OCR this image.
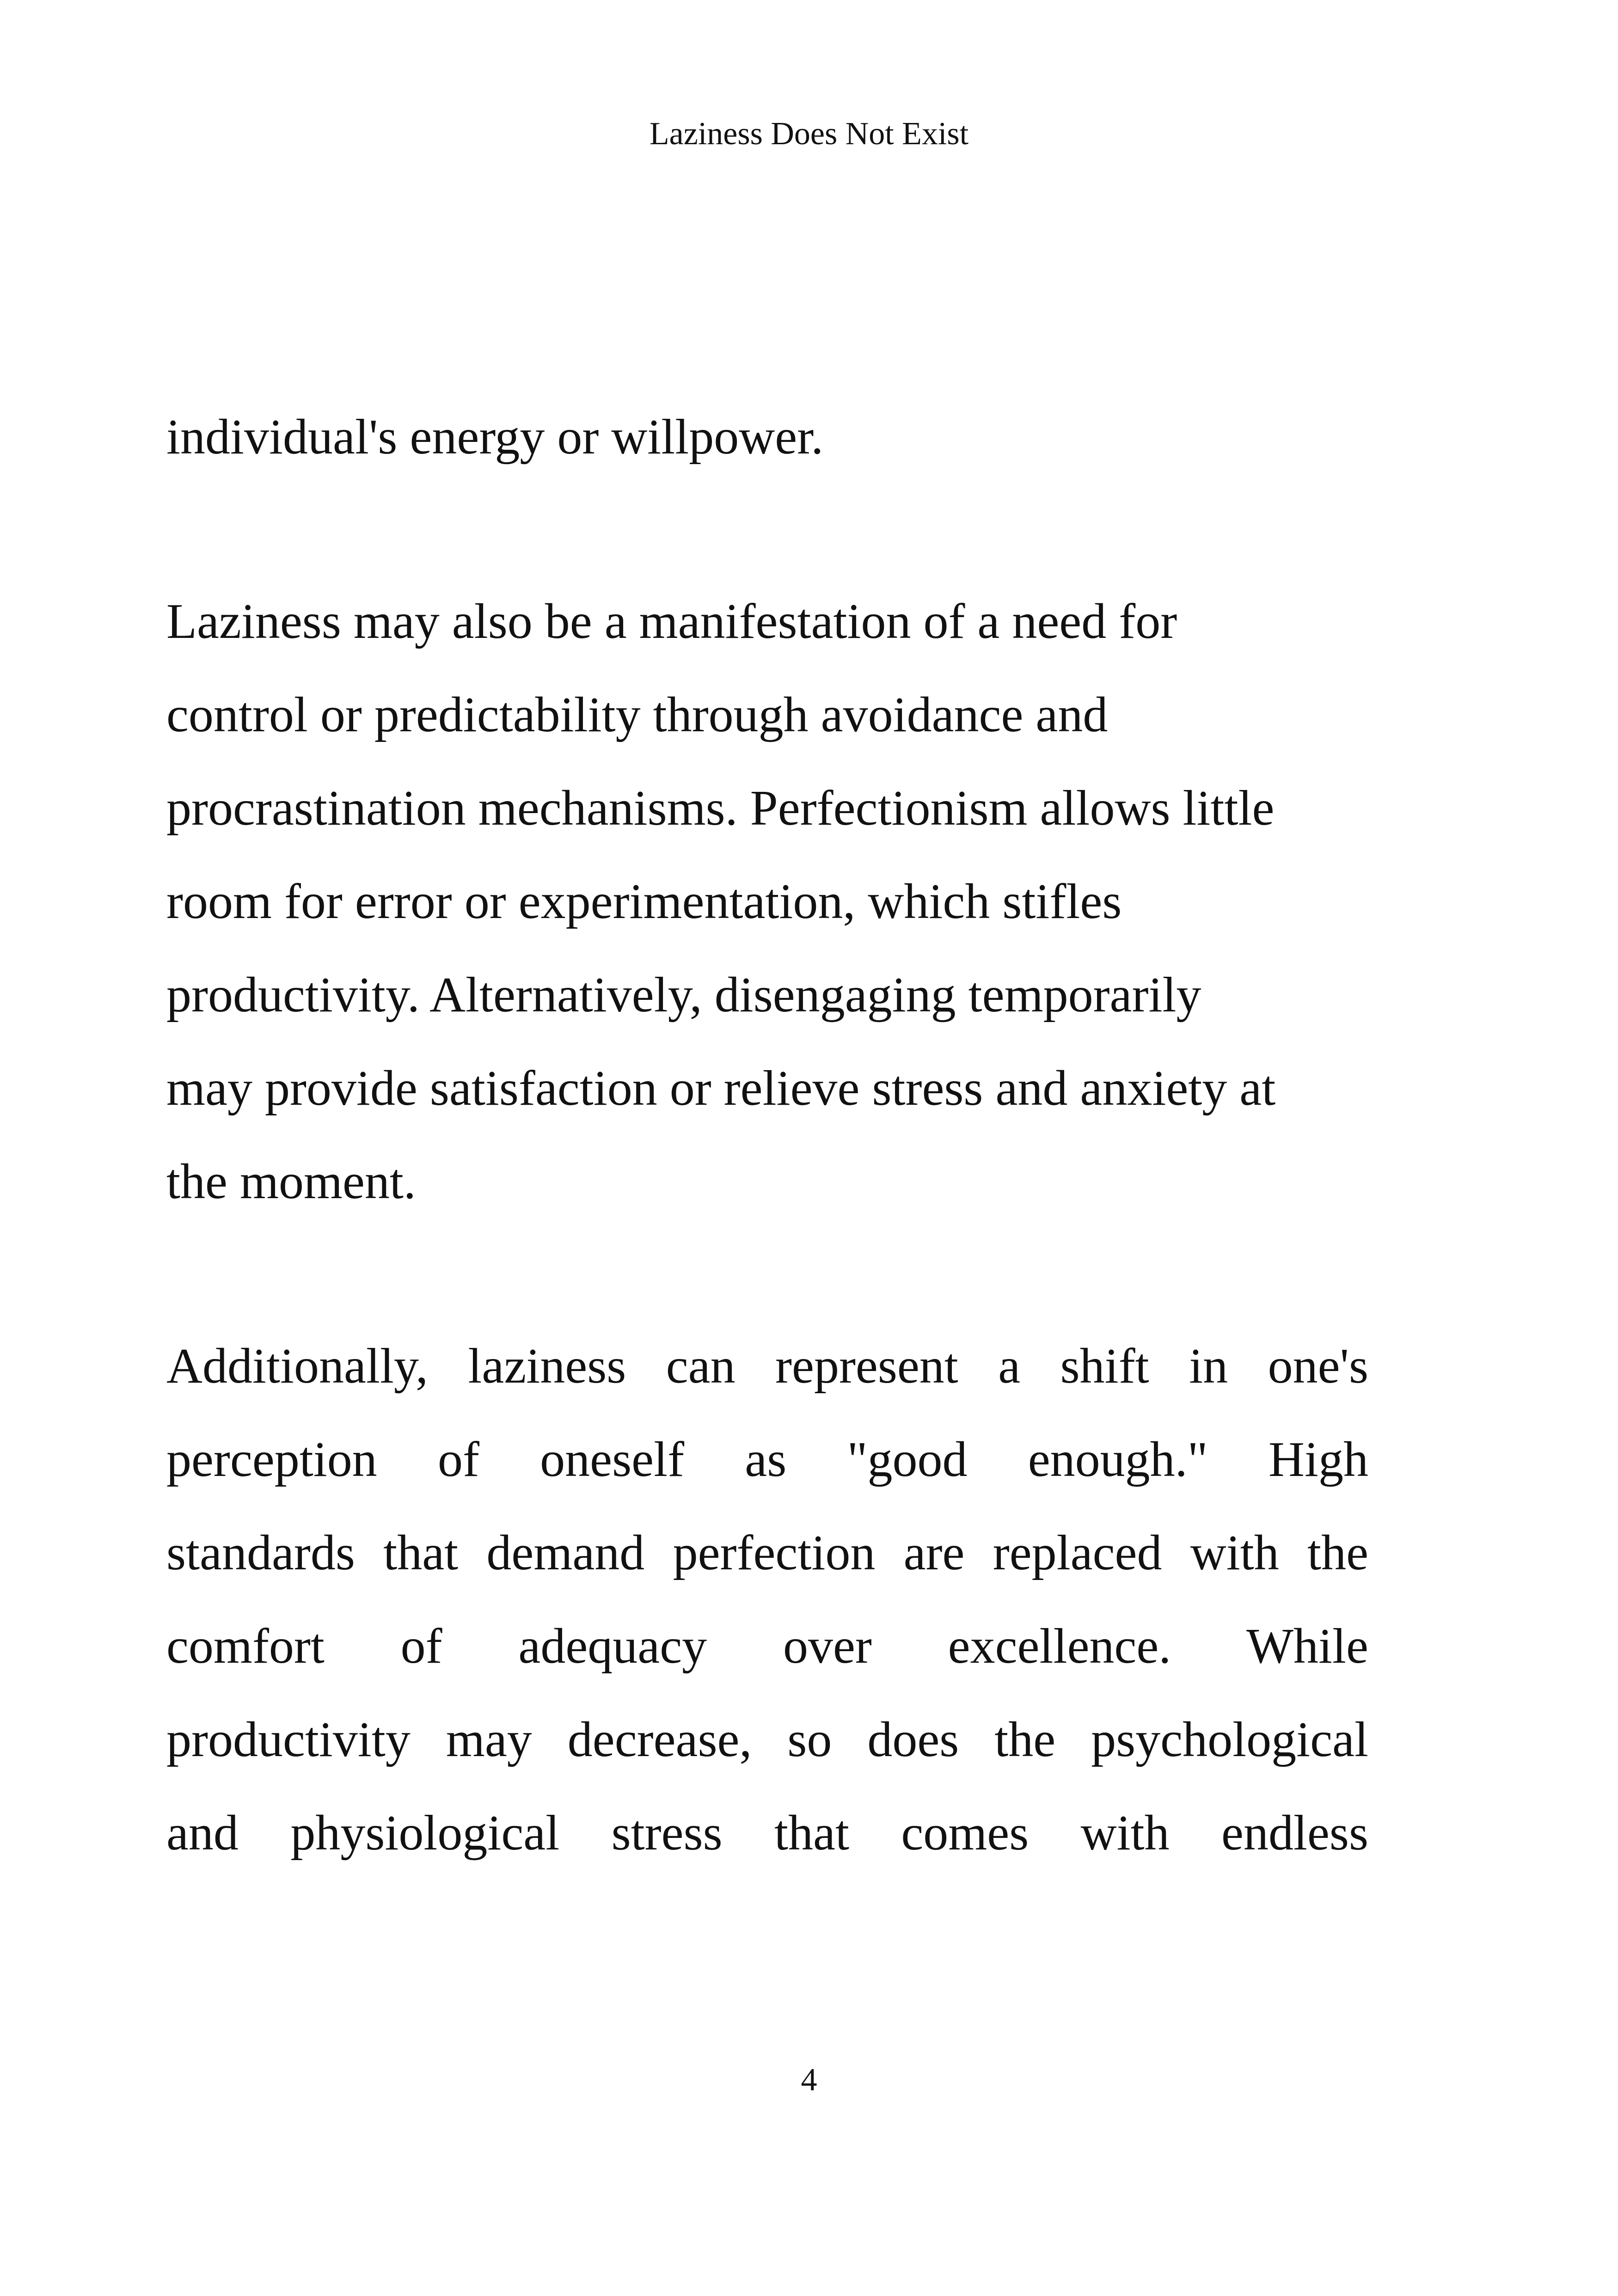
Laziness Does Not Exist

individual's energy or willpower.

Laziness may also be a manifestation of a need for
control or predictability through avoidance and
procrastination mechanisms. Perfectionism allows little
room for error or experimentation, which stifles
productivity. Alternatively, disengaging temporarily
may provide satisfaction or relieve stress and anxiety at
the moment.

Additionally, laziness can represent a shift in one's
perception of oneself as "good enough." High
standards that demand perfection are replaced with the
comfort of adequacy over excellence. While
productivity may decrease, so does the psychological
and physiological stress that comes with endless

4
